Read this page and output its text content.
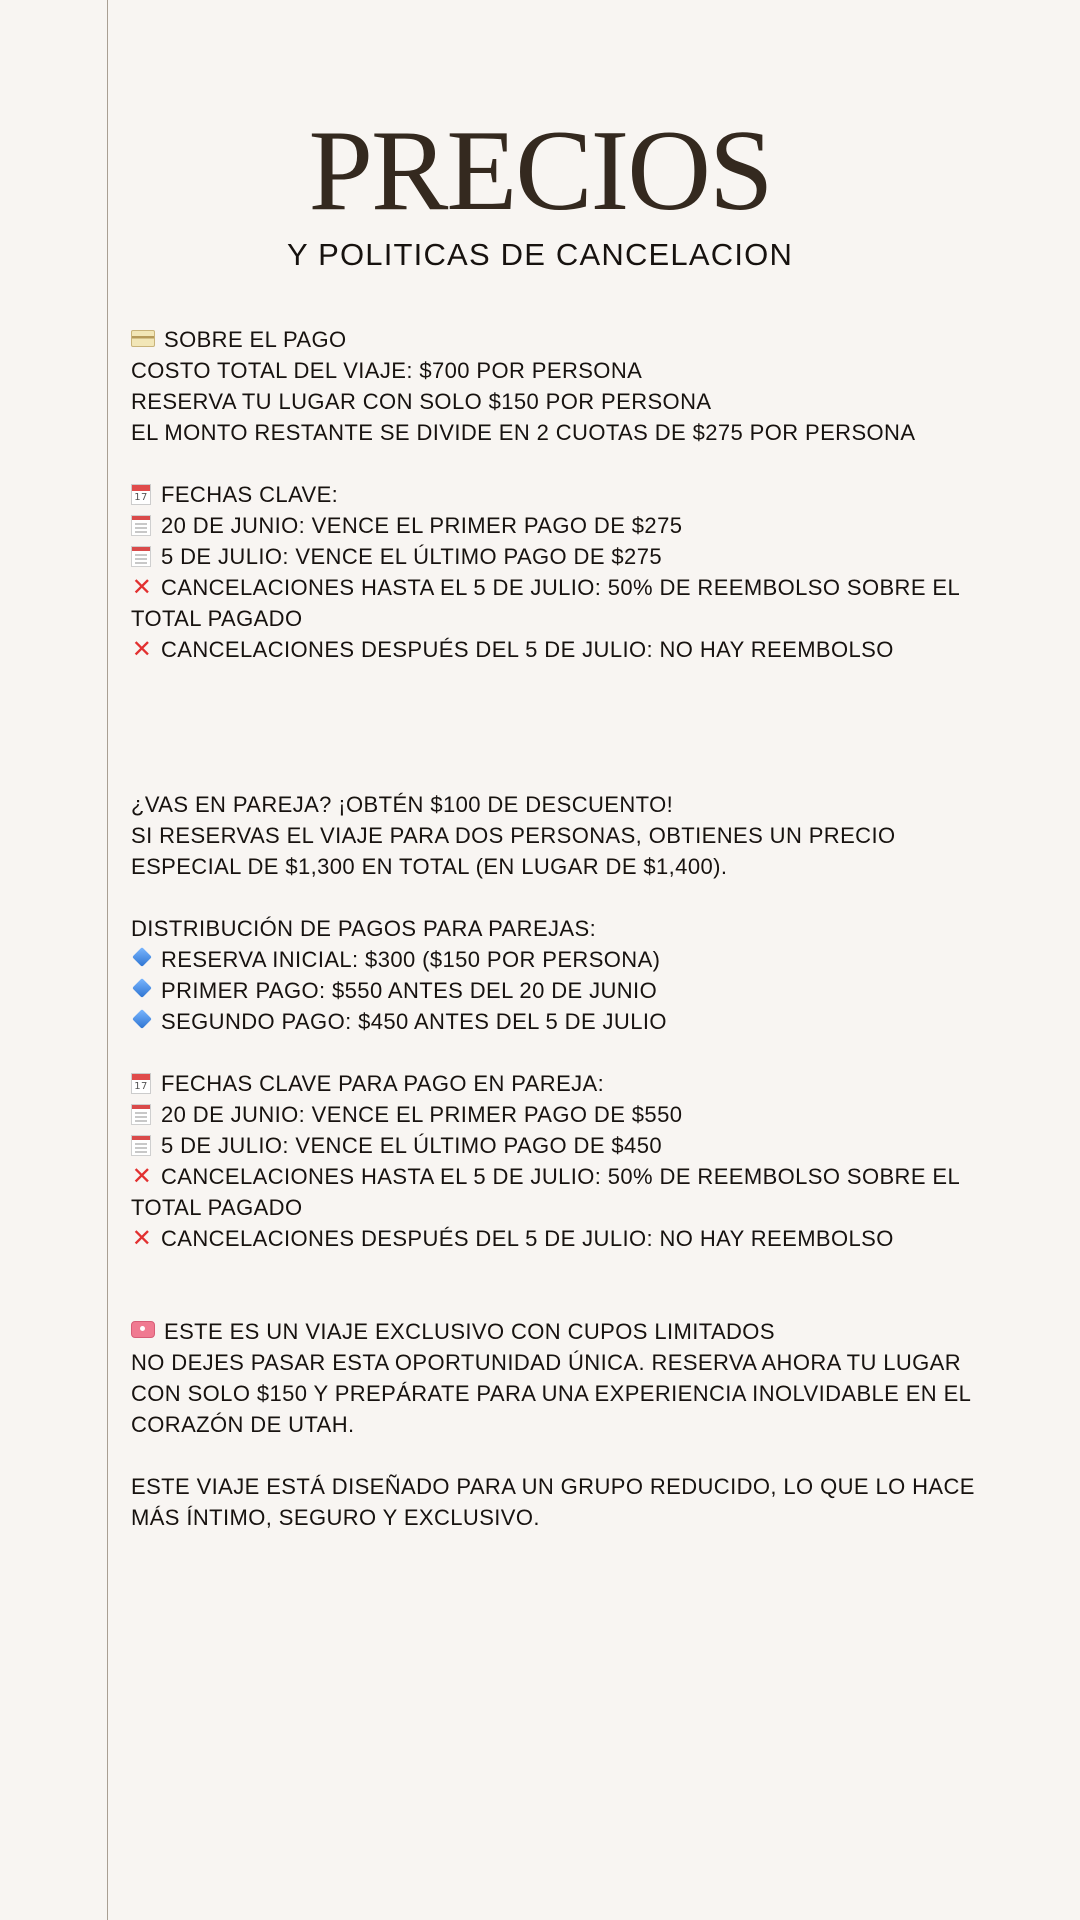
PRECIOS
Y POLITICAS DE CANCELACION
SOBRE EL PAGO
COSTO TOTAL DEL VIAJE: $700 POR PERSONA
RESERVA TU LUGAR CON SOLO $150 POR PERSONA
EL MONTO RESTANTE SE DIVIDE EN 2 CUOTAS DE $275 POR PERSONA
17FECHAS CLAVE:
20 DE JUNIO: VENCE EL PRIMER PAGO DE $275
5 DE JULIO: VENCE EL ÚLTIMO PAGO DE $275
✕ CANCELACIONES HASTA EL 5 DE JULIO: 50% DE REEMBOLSO SOBRE EL TOTAL PAGADO
✕ CANCELACIONES DESPUÉS DEL 5 DE JULIO: NO HAY REEMBOLSO
¿VAS EN PAREJA? ¡OBTÉN $100 DE DESCUENTO!
SI RESERVAS EL VIAJE PARA DOS PERSONAS, OBTIENES UN PRECIO ESPECIAL DE $1,300 EN TOTAL (EN LUGAR DE $1,400).
DISTRIBUCIÓN DE PAGOS PARA PAREJAS:
RESERVA INICIAL: $300 ($150 POR PERSONA)
PRIMER PAGO: $550 ANTES DEL 20 DE JUNIO
SEGUNDO PAGO: $450 ANTES DEL 5 DE JULIO
17FECHAS CLAVE PARA PAGO EN PAREJA:
20 DE JUNIO: VENCE EL PRIMER PAGO DE $550
5 DE JULIO: VENCE EL ÚLTIMO PAGO DE $450
✕ CANCELACIONES HASTA EL 5 DE JULIO: 50% DE REEMBOLSO SOBRE EL TOTAL PAGADO
✕ CANCELACIONES DESPUÉS DEL 5 DE JULIO: NO HAY REEMBOLSO
ESTE ES UN VIAJE EXCLUSIVO CON CUPOS LIMITADOS
NO DEJES PASAR ESTA OPORTUNIDAD ÚNICA. RESERVA AHORA TU LUGAR CON SOLO $150 Y PREPÁRATE PARA UNA EXPERIENCIA INOLVIDABLE EN EL CORAZÓN DE UTAH.
ESTE VIAJE ESTÁ DISEÑADO PARA UN GRUPO REDUCIDO, LO QUE LO HACE MÁS ÍNTIMO, SEGURO Y EXCLUSIVO.
